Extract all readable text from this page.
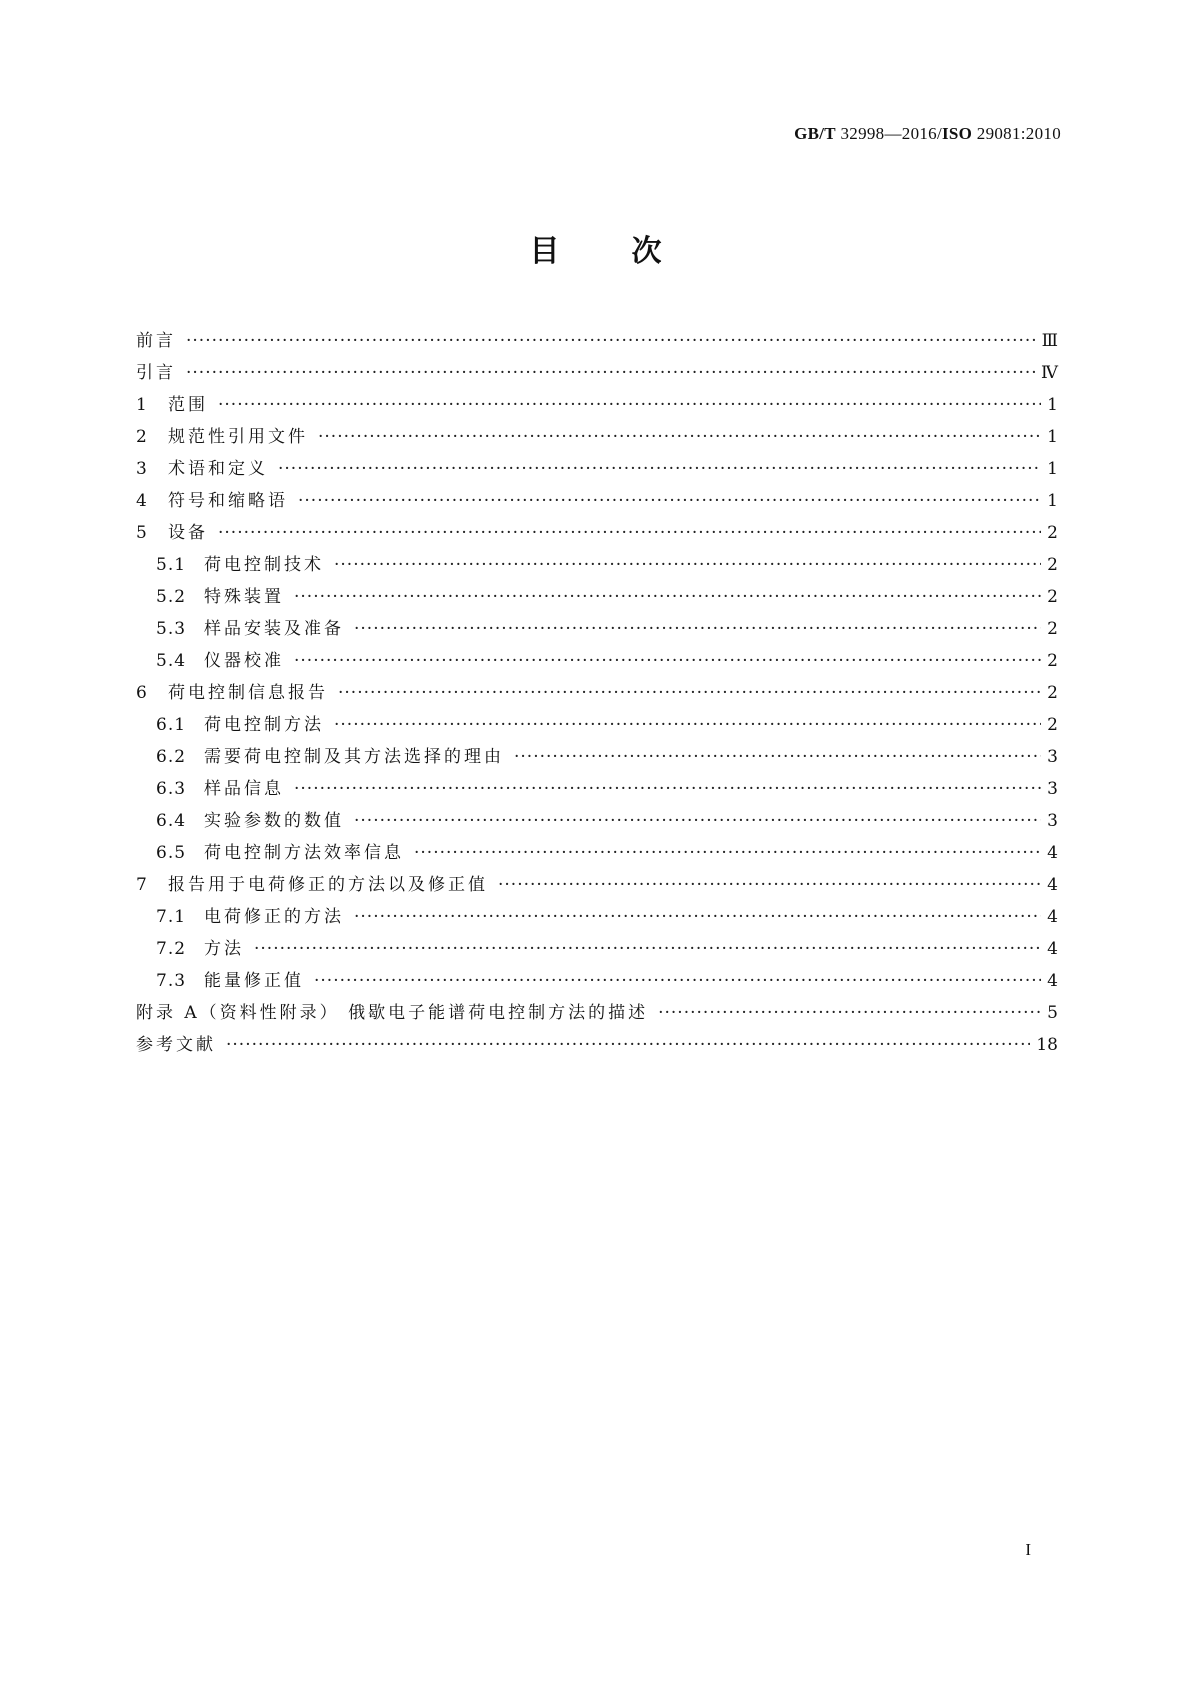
GB/T 32998—2016/ISO 29081:2010
目 次
前言 ·····	Ⅲ
引言 ·····	Ⅳ
1	范围 ·····	1
2	规范性引用文件 ·····	1
3	术语和定义 ·····	1
4	符号和缩略语 ·····	1
5	设备 ·····	2
5.1	荷电控制技术 ·····	2
5.2	特殊装置 ·····	2
5.3	样品安装及准备 ·····	2
5.4	仪器校准 ·····	2
6	荷电控制信息报告 ·····	2
6.1	荷电控制方法 ·····	2
6.2	需要荷电控制及其方法选择的理由 ·····	3
6.3	样品信息 ·····	3
6.4	实验参数的数值 ·····	3
6.5	荷电控制方法效率信息 ·····	4
7	报告用于电荷修正的方法以及修正值 ·····	4
7.1	电荷修正的方法 ·····	4
7.2	方法 ·····	4
7.3	能量修正值 ·····	4
附录 A（资料性附录） 俄歇电子能谱荷电控制方法的描述 ·····	5
参考文献 ·····	18
I
